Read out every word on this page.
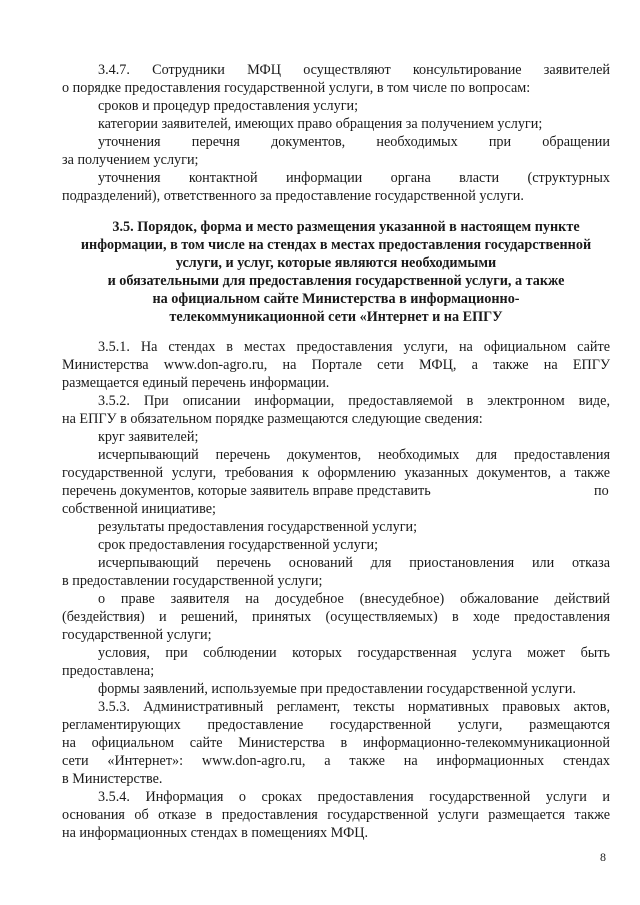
3.4.7. Сотрудники МФЦ осуществляют консультирование заявителей
о порядке предоставления государственной услуги, в том числе по вопросам:
сроков и процедур предоставления услуги;
категории заявителей, имеющих право обращения за получением услуги;
уточнения перечня документов, необходимых при обращении
за получением услуги;
уточнения контактной информации органа власти (структурных
подразделений), ответственного за предоставление государственной услуги.
3.5. Порядок, форма и место размещения указанной в настоящем пункте
информации, в том числе на стендах в местах предоставления государственной
услуги, и услуг, которые являются необходимыми
и обязательными для предоставления государственной услуги, а также
на официальном сайте Министерства в информационно-
телекоммуникационной сети «Интернет и на ЕПГУ
3.5.1. На стендах в местах предоставления услуги, на официальном сайте
Министерства www.don-agro.ru, на Портале сети МФЦ, а также на ЕПГУ
размещается единый перечень информации.
3.5.2. При описании информации, предоставляемой в электронном виде,
на ЕПГУ в обязательном порядке размещаются следующие сведения:
круг заявителей;
исчерпывающий перечень документов, необходимых для предоставления
государственной услуги, требования к оформлению указанных документов, а также
перечень документов, которые заявитель вправе представить	по
собственной инициативе;
результаты предоставления государственной услуги;
срок предоставления государственной услуги;
исчерпывающий перечень оснований для приостановления или отказа
в предоставлении государственной услуги;
о праве заявителя на досудебное (внесудебное) обжалование действий
(бездействия) и решений, принятых (осуществляемых) в ходе предоставления
государственной услуги;
условия, при соблюдении которых государственная услуга может быть
предоставлена;
формы заявлений, используемые при предоставлении государственной услуги.
3.5.3. Административный регламент, тексты нормативных правовых актов,
регламентирующих предоставление государственной услуги, размещаются
на официальном сайте Министерства в информационно-телекоммуникационной
сети «Интернет»: www.don-agro.ru, а также на информационных стендах
в Министерстве.
3.5.4. Информация о сроках предоставления государственной услуги и
основания об отказе в предоставления государственной услуги размещается также
на информационных стендах в помещениях МФЦ.
8
